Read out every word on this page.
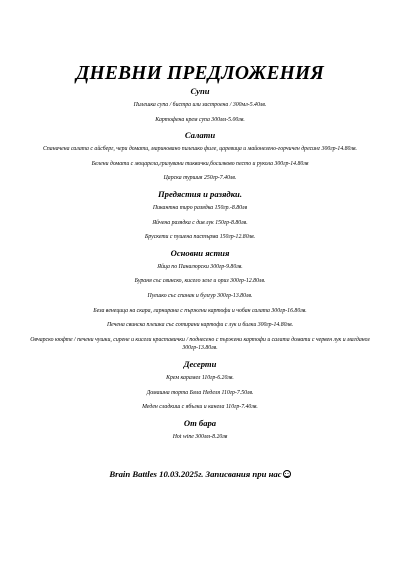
ДНЕВНИ ПРЕДЛОЖЕНИЯ
Супи
Пилешка супа / бистра или застроена / 300мл-5.40лв.
Картофена крем супа 300мл-5.00лв.
Салати
Спаначена салата с айсберг, чери домати, мариновано пилешко филе, царевица и майонезено-горчичен дресинг 300гр-14.80лв.
Белени домати с моцарела,грилувани тиквички,босилково песто и рукола 300гр-14.80лв
Царска туршия 250гр-7.40лв.
Предястия и разядки.
Пикантна тиро разядка 150гр.-8.80лв
Яйчена разядка с див лук 150гр-8.80лв.
Брускети с пушена пастърма 150гр-12.80лв.
Основни ястия
Яйца по Панагюрски 300гр-9.80лв.
Бураня със свинско, кисело зеле и ориз 300гр-12.80лв.
Пуешко със спанак и булгур 300гр-13.80лв.
Беза венецица на скара, гарнирана с пържени картофи и чобан салата 300гр-16.80лв.
Печена свинска плешка със сотирани картофи с лук и билки 300гр-14.80лв.
Овчарско кюфте / печени чушки, сирене и кисели краставички / поднесено с пържени картофи и салата домати с червен лук и магданоз 300гр-13.80лв.
Десерти
Крем карамел 110гр-6.20лв.
Домашна торта Бяла Неделя 110гр-7.50лв.
Меден сладкиш с ябълки и канела 110гр-7.40лв.
От бара
Hot wine 300мл-8.20лв
Brain Battles 10.03.2025г. Записвания при нас
